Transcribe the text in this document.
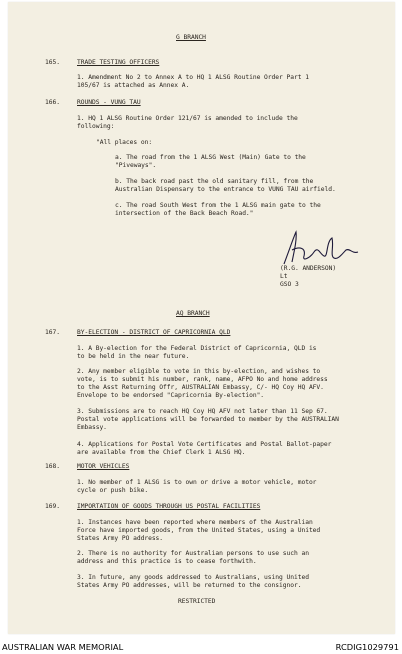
G BRANCH
165.	TRADE TESTING OFFICERS
1. Amendment No 2 to Annex A to HQ 1 ALSG Routine Order Part 1
105/67 is attached as Annex A.
166.	ROUNDS - VUNG TAU
1. HQ 1 ALSG Routine Order 121/67 is amended to include the
following:
"All places on:
a. The road from the 1 ALSG West (Main) Gate to the
"Piveways".
b. The back road past the old sanitary fill, from the
Australian Dispensary to the entrance to VUNG TAU airfield.
c. The road South West from the 1 ALSG main gate to the
intersection of the Back Beach Road."
(R.G. ANDERSON)
Lt
GSO 3
AQ BRANCH
167.	BY-ELECTION - DISTRICT OF CAPRICORNIA QLD
1. A By-election for the Federal District of Capricornia, QLD is
to be held in the near future.
2. Any member eligible to vote in this by-election, and wishes to
vote, is to submit his number, rank, name, AFPO No and home address
to the Asst Returning Offr, AUSTRALIAN Embassy, C/- HQ Coy HQ AFV.
Envelope to be endorsed "Capricornia By-election".
3. Submissions are to reach HQ Coy HQ AFV not later than 11 Sep 67.
Postal vote applications will be forwarded to member by the AUSTRALIAN
Embassy.
4. Applications for Postal Vote Certificates and Postal Ballot-paper
are available from the Chief Clerk 1 ALSG HQ.
168.	MOTOR VEHICLES
1. No member of 1 ALSG is to own or drive a motor vehicle, motor
cycle or push bike.
169.	IMPORTATION OF GOODS THROUGH US POSTAL FACILITIES
1. Instances have been reported where members of the Australian
Force have imported goods, from the United States, using a United
States Army PO address.
2. There is no authority for Australian persons to use such an
address and this practice is to cease forthwith.
3. In future, any goods addressed to Australians, using United
States Army PO addresses, will be returned to the consignor.
RESTRICTED
AUSTRALIAN WAR MEMORIAL	RCDIG1029791
